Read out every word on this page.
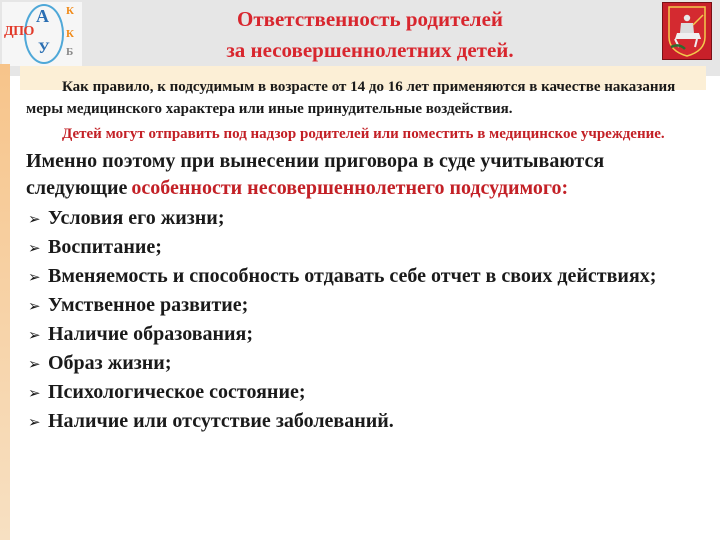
А
У
ДПО
К
К
Б
Ответственность родителей
за несовершеннолетних детей.

Как правило, к подсудимым в возрасте от 14 до 16 лет применяются в качестве наказания меры медицинского характера или иные принудительные воздействия.

Детей могут отправить под надзор родителей или поместить в медицинское учреждение. Именно поэтому при вынесении приговора в суде учитываются следующие особенности несовершеннолетнего подсудимого:

➢ Условия его жизни;
➢ Воспитание;
➢ Вменяемость и способность отдавать себе отчет в своих действиях;
➢ Умственное развитие;
➢ Наличие образования;
➢ Образ жизни;
➢ Психологическое состояние;
➢ Наличие или отсутствие заболеваний.
